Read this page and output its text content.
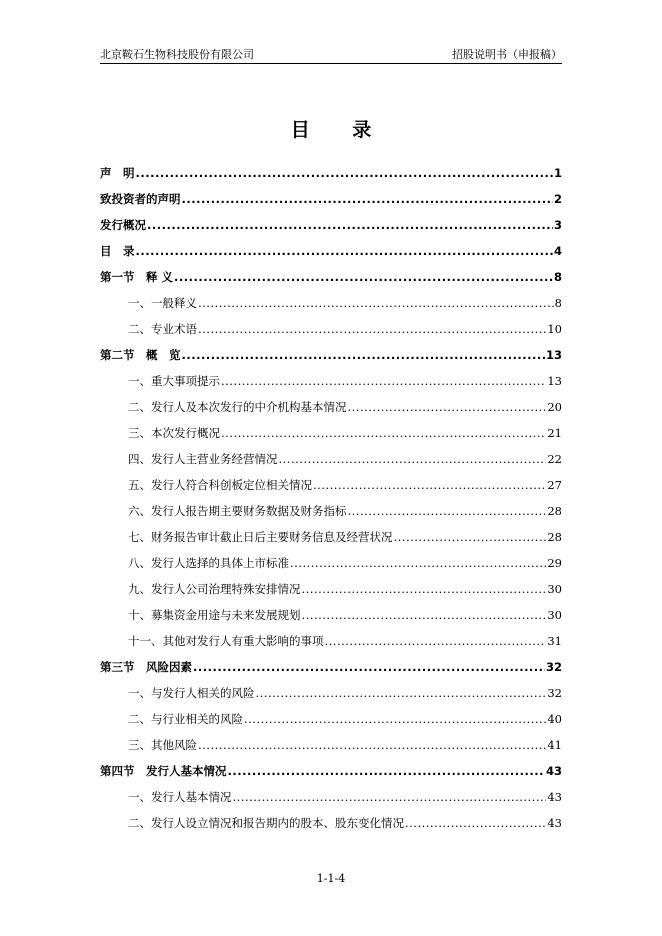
北京鞍石生物科技股份有限公司	招股说明书（申报稿）
目 录
声　明 .....	1
致投资者的声明 .....	2
发行概况 .....	3
目　录 .....	4
第一节　释 义 .....	8
一、一般释义 .....	8
二、专业术语 .....	10
第二节　概　览 .....	13
一、重大事项提示 .....	13
二、发行人及本次发行的中介机构基本情况 .....	20
三、本次发行概况 .....	21
四、发行人主营业务经营情况 .....	22
五、发行人符合科创板定位相关情况 .....	27
六、发行人报告期主要财务数据及财务指标 .....	28
七、财务报告审计截止日后主要财务信息及经营状况 .....	28
八、发行人选择的具体上市标准 .....	29
九、发行人公司治理特殊安排情况 .....	30
十、募集资金用途与未来发展规划 .....	30
十一、其他对发行人有重大影响的事项 .....	31
第三节　风险因素 .....	32
一、与发行人相关的风险 .....	32
二、与行业相关的风险 .....	40
三、其他风险 .....	41
第四节　发行人基本情况 .....	43
一、发行人基本情况 .....	43
二、发行人设立情况和报告期内的股本、股东变化情况 .....	43
1-1-4
